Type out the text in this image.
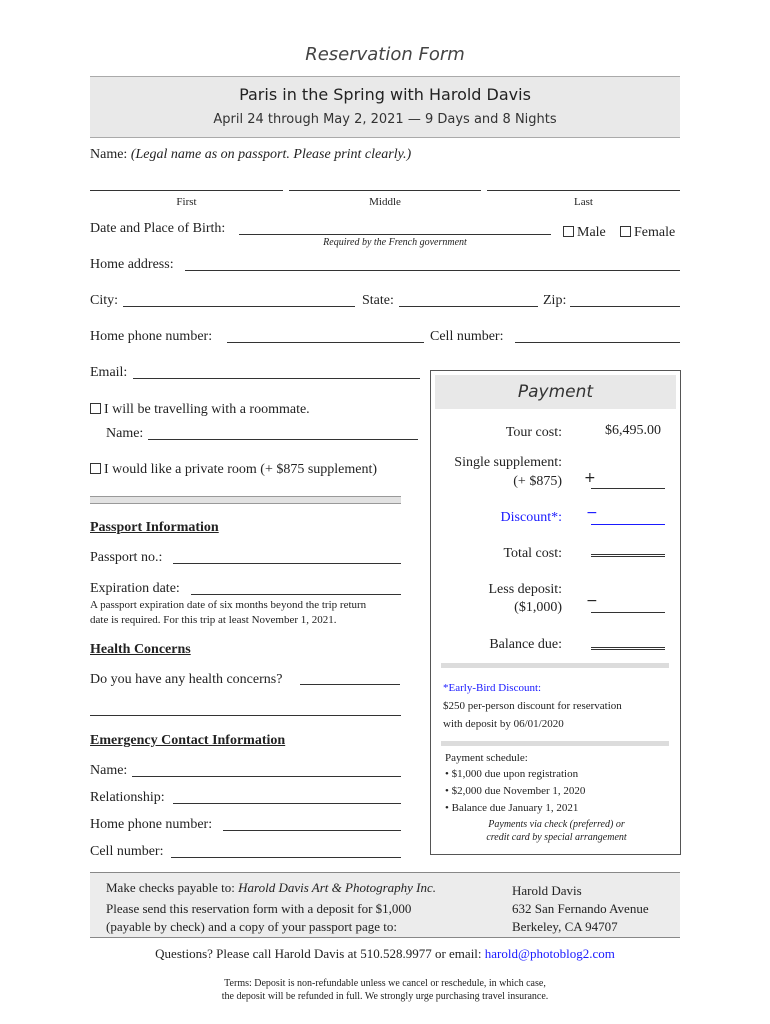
Reservation Form
Paris in the Spring with Harold Davis
April 24 through May 2, 2021 — 9 Days and 8 Nights
Name: (Legal name as on passport. Please print clearly.)
First	Middle	Last
Date and Place of Birth:
Required by the French government
Male	Female
Home address:
City:	State:	Zip:
Home phone number:	Cell number:
Email:
I will be travelling with a roommate.
Name:
I would like a private room (+ $875 supplement)
Passport Information
Passport no.:
Expiration date:
A passport expiration date of six months beyond the trip return
date is required. For this trip at least November 1, 2021.
Health Concerns
Do you have any health concerns?
Emergency Contact Information
Name:
Relationship:
Home phone number:
Cell number:
Payment
Tour cost:	$6,495.00
Single supplement:
(+ $875) +
Discount*: −
Total cost:
Less deposit:
($1,000) −
Balance due:
*Early-Bird Discount:
$250 per-person discount for reservation
with deposit by 06/01/2020
Payment schedule:
• $1,000 due upon registration
• $2,000 due November 1, 2020
• Balance due January 1, 2021
Payments via check (preferred) or
credit card by special arrangement
Make checks payable to: Harold Davis Art & Photography Inc.
Please send this reservation form with a deposit for $1,000
(payable by check) and a copy of your passport page to:
Harold Davis
632 San Fernando Avenue
Berkeley, CA 94707
Questions? Please call Harold Davis at 510.528.9977 or email: harold@photoblog2.com
Terms: Deposit is non-refundable unless we cancel or reschedule, in which case,
the deposit will be refunded in full. We strongly urge purchasing travel insurance.
